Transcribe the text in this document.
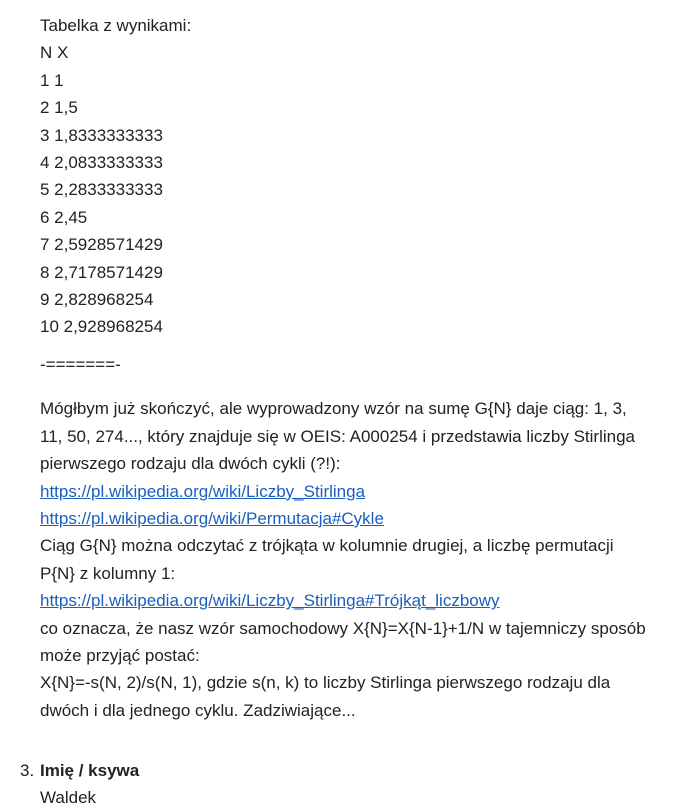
Tabelka z wynikami:
N X
1 1
2 1,5
3 1,8333333333
4 2,0833333333
5 2,2833333333
6 2,45
7 2,5928571429
8 2,7178571429
9 2,828968254
10 2,928968254
-=======-
Mógłbym już skończyć, ale wyprowadzony wzór na sumę G{N} daje ciąg: 1, 3,
11, 50, 274..., który znajduje się w OEIS: A000254 i przedstawia liczby Stirlinga
pierwszego rodzaju dla dwóch cykli (?!):
https://pl.wikipedia.org/wiki/Liczby_Stirlinga
https://pl.wikipedia.org/wiki/Permutacja#Cykle
Ciąg G{N} można odczytać z trójkąta w kolumnie drugiej, a liczbę permutacji
P{N} z kolumny 1:
https://pl.wikipedia.org/wiki/Liczby_Stirlinga#Trójkąt_liczbowy
co oznacza, że nasz wzór samochodowy X{N}=X{N-1}+1/N w tajemniczy sposób
może przyjąć postać:
X{N}=-s(N, 2)/s(N, 1), gdzie s(n, k) to liczby Stirlinga pierwszego rodzaju dla
dwóch i dla jednego cyklu. Zadziwiające...
3. Imię / ksywa
Waldek
